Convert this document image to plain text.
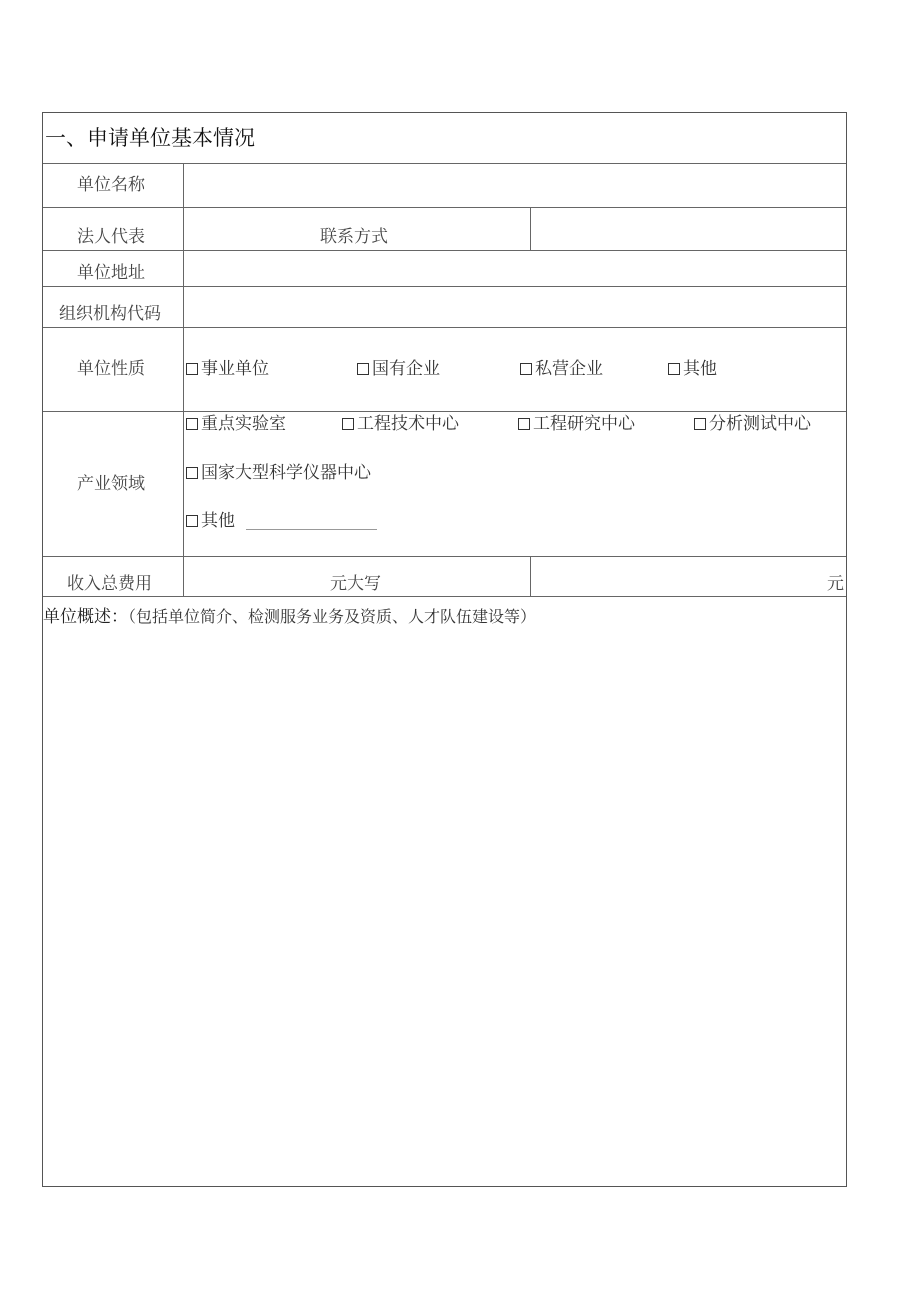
一、申请单位基本情况
单位名称
法人代表	联系方式
单位地址
组织机构代码
单位性质	事业单位	国有企业	私营企业	其他
产业领域
重点实验室	工程技术中心	工程研究中心	分析测试中心
国家大型科学仪器中心
其他
收入总费用	元大写	元
单位概述：（包括单位简介、检测服务业务及资质、人才队伍建设等）
